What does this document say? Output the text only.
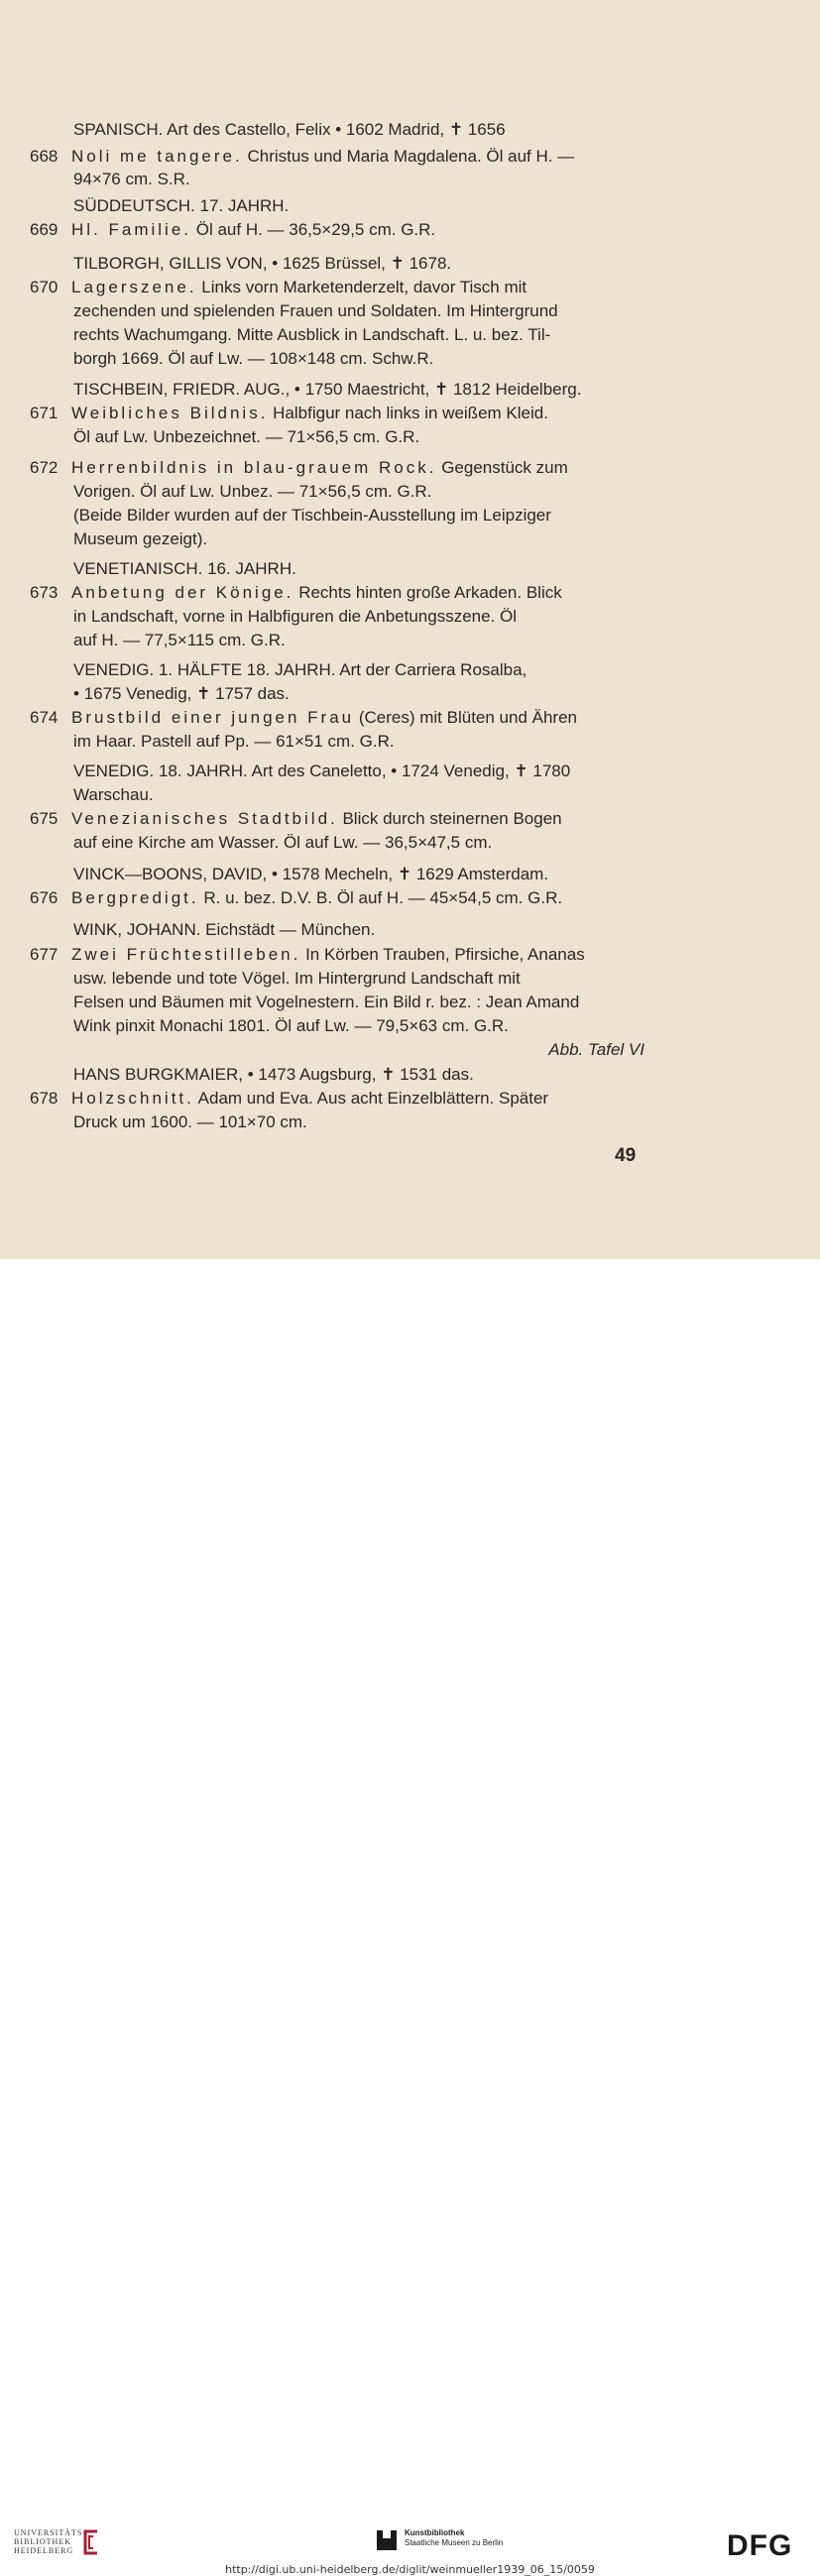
SPANISCH. Art des Castello, Felix • 1602 Madrid, ✝ 1656
668 Noli me tangere. Christus und Maria Magdalena. Öl auf H. —
94×76 cm. S.R.
SÜDDEUTSCH. 17. JAHRH.
669 Hl. Familie. Öl auf H. — 36,5×29,5 cm. G.R.
TILBORGH, GILLIS VON, • 1625 Brüssel, ✝ 1678.
670 Lagerszene. Links vorn Marketenderzelt, davor Tisch mit
zechenden und spielenden Frauen und Soldaten. Im Hintergrund
rechts Wachumgang. Mitte Ausblick in Landschaft. L. u. bez. Til-
borgh 1669. Öl auf Lw. — 108×148 cm. Schw.R.
TISCHBEIN, FRIEDR. AUG., • 1750 Maestricht, ✝ 1812 Heidelberg.
671 Weibliches Bildnis. Halbfigur nach links in weißem Kleid.
Öl auf Lw. Unbezeichnet. — 71×56,5 cm. G.R.
672 Herrenbildnis in blau-grauem Rock. Gegenstück zum
Vorigen. Öl auf Lw. Unbez. — 71×56,5 cm. G.R.
(Beide Bilder wurden auf der Tischbein-Ausstellung im Leipziger
Museum gezeigt).
VENETIANISCH. 16. JAHRH.
673 Anbetung der Könige. Rechts hinten große Arkaden. Blick
in Landschaft, vorne in Halbfiguren die Anbetungsszene. Öl
auf H. — 77,5×115 cm. G.R.
VENEDIG. 1. HÄLFTE 18. JAHRH. Art der Carriera Rosalba,
• 1675 Venedig, ✝ 1757 das.
674 Brustbild einer jungen Frau (Ceres) mit Blüten und Ähren
im Haar. Pastell auf Pp. — 61×51 cm. G.R.
VENEDIG. 18. JAHRH. Art des Caneletto, • 1724 Venedig, ✝ 1780
Warschau.
675 Venezianisches Stadtbild. Blick durch steinernen Bogen
auf eine Kirche am Wasser. Öl auf Lw. — 36,5×47,5 cm.
VINCK—BOONS, DAVID, • 1578 Mecheln, ✝ 1629 Amsterdam.
676 Bergpredigt. R. u. bez. D.V. B. Öl auf H. — 45×54,5 cm. G.R.
WINK, JOHANN. Eichstädt — München.
677 Zwei Früchtestilleben. In Körben Trauben, Pfirsiche, Ananas
usw. lebende und tote Vögel. Im Hintergrund Landschaft mit
Felsen und Bäumen mit Vogelnestern. Ein Bild r. bez. : Jean Amand
Wink pinxit Monachi 1801. Öl auf Lw. — 79,5×63 cm. G.R.
Abb. Tafel VI
HANS BURGKMAIER, • 1473 Augsburg, ✝ 1531 das.
678 Holzschnitt. Adam und Eva. Aus acht Einzelblättern. Später
Druck um 1600. — 101×70 cm.
49
UNIVERSITÄTS-
BIBLIOTHEK
HEIDELBERG
Kunstbibliothek
Staatliche Museen zu Berlin	DFG
http://digi.ub.uni-heidelberg.de/diglit/weinmueller1939_06_15/0059
